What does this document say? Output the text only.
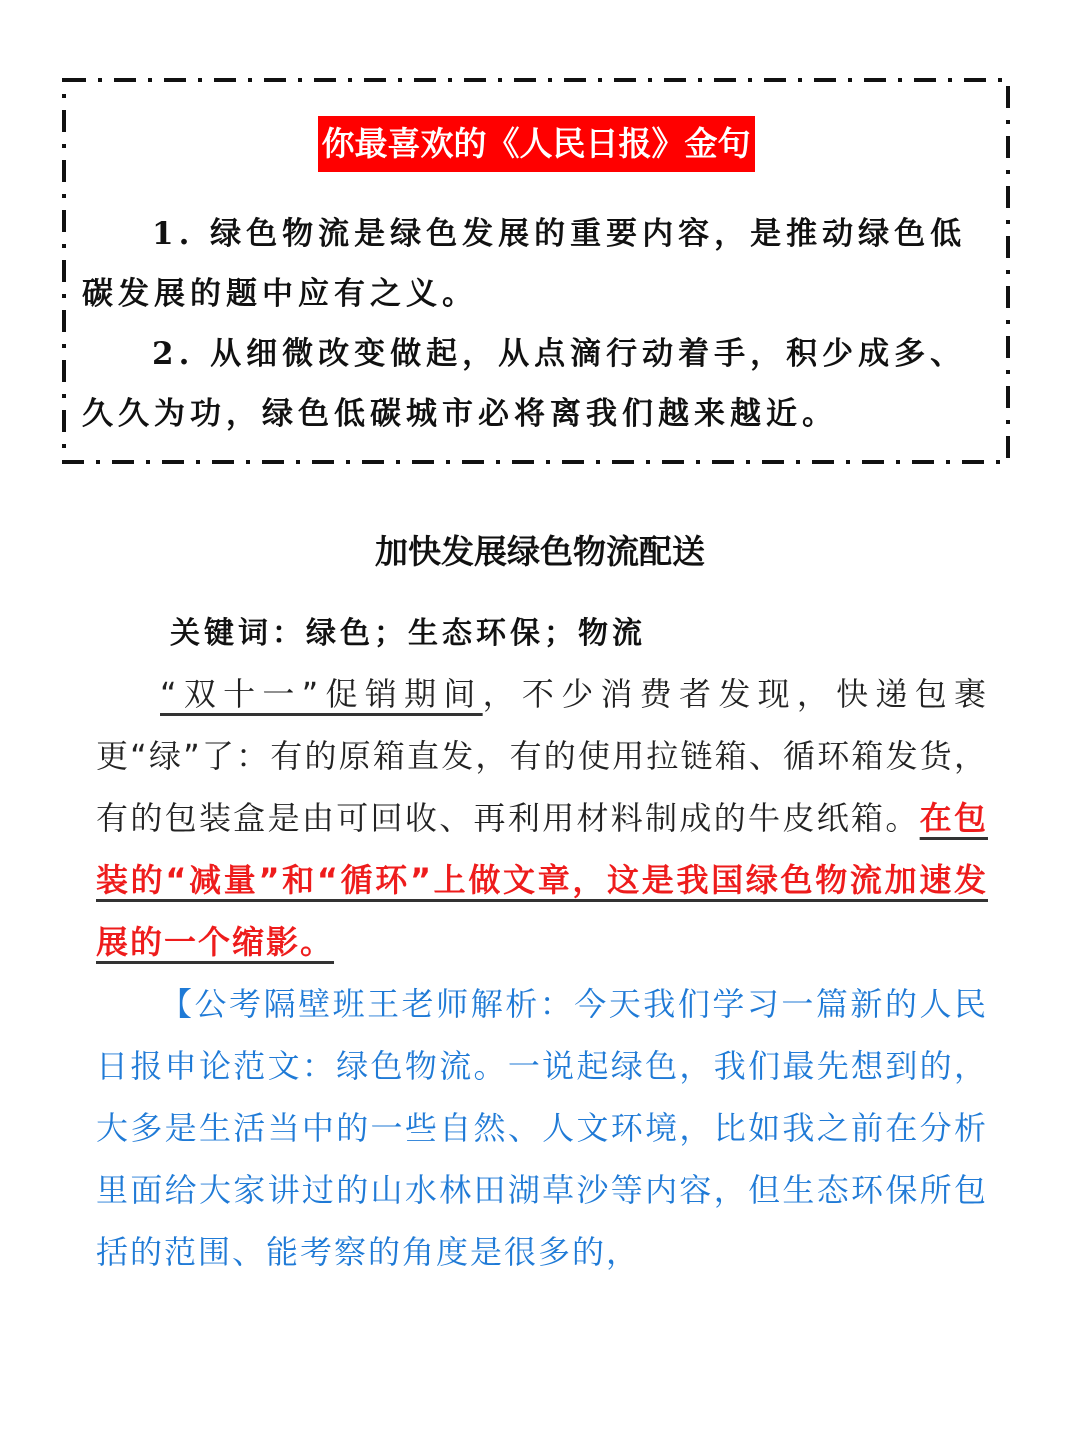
你最喜欢的《人民日报》金句

1. 绿色物流是绿色发展的重要内容，是推动绿色低碳发展的题中应有之义。

2. 从细微改变做起，从点滴行动着手，积少成多、久久为功，绿色低碳城市必将离我们越来越近。

加快发展绿色物流配送

关键词：绿色；生态环保；物流

“双十一”促销期间，不少消费者发现，快递包裹更“绿”了：有的原箱直发，有的使用拉链箱、循环箱发货，有的包装盒是由可回收、再利用材料制成的牛皮纸箱。在包装的“减量”和“循环”上做文章，这是我国绿色物流加速发展的一个缩影。

【公考隔壁班王老师解析：今天我们学习一篇新的人民日报申论范文：绿色物流。一说起绿色，我们最先想到的，大多是生活当中的一些自然、人文环境，比如我之前在分析里面给大家讲过的山水林田湖草沙等内容，但生态环保所包括的范围、能考察的角度是很多的，
